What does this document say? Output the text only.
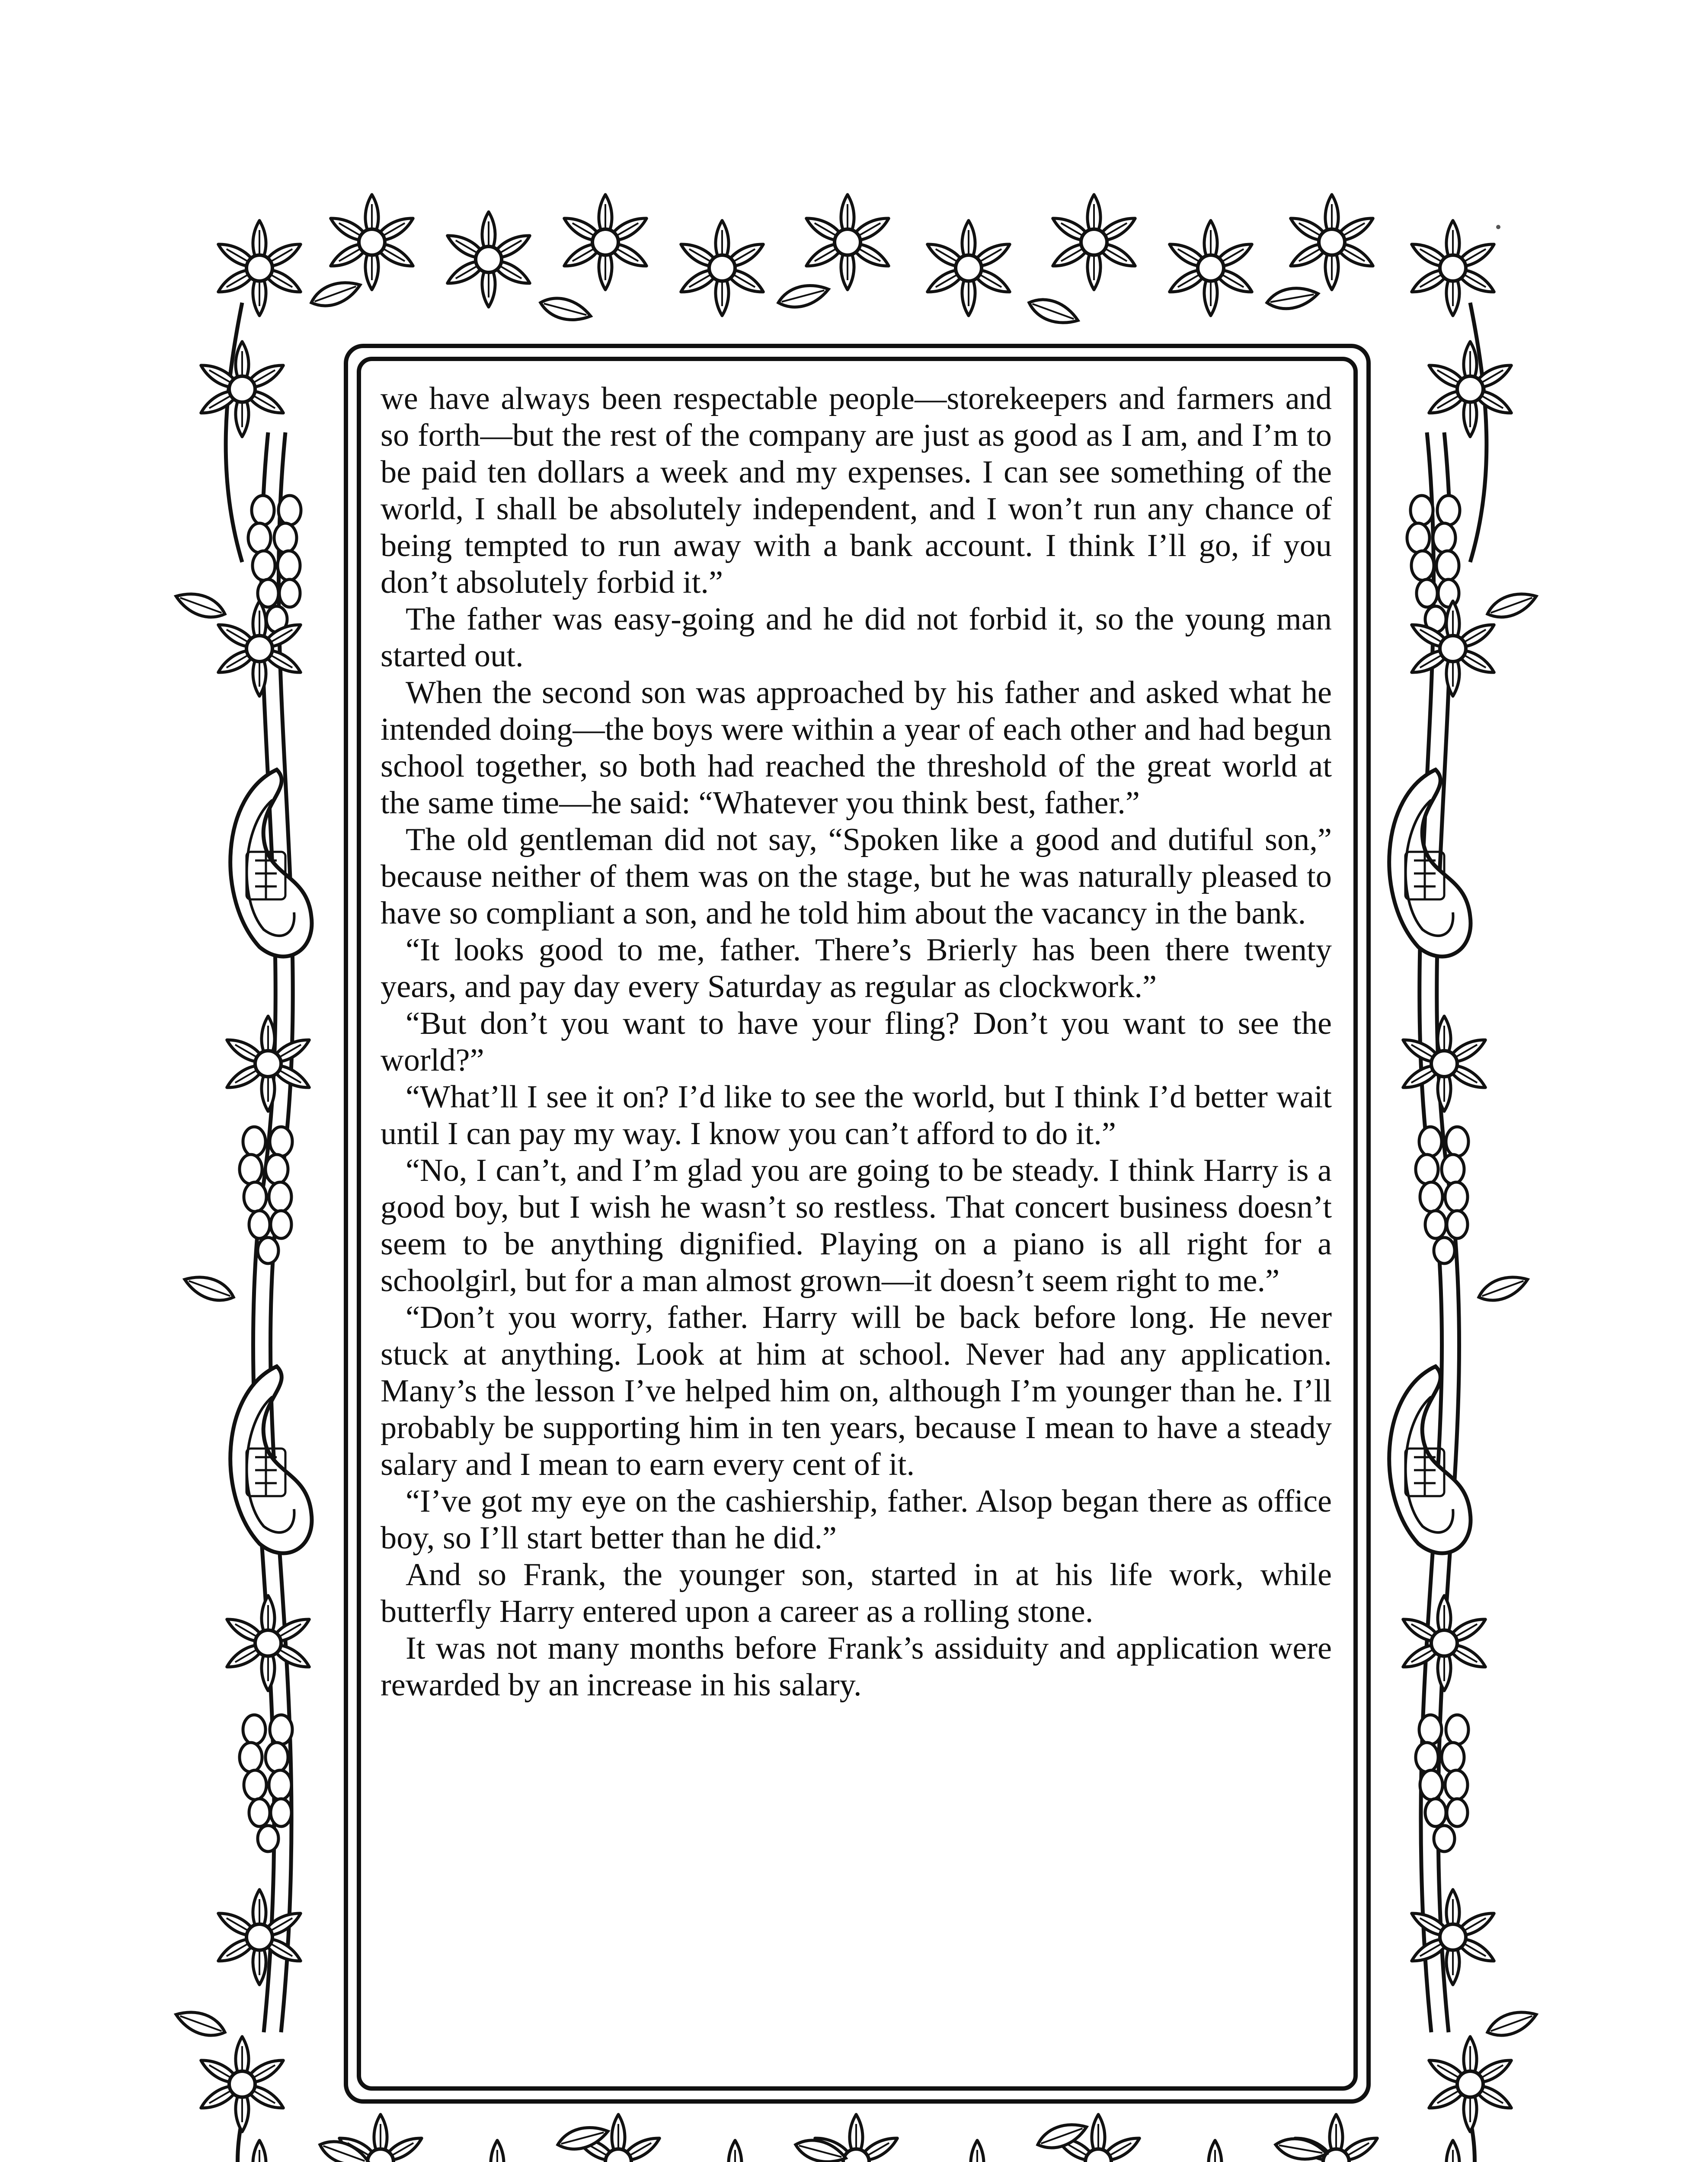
we have always been respectable people—storekeepers and farmers and so forth—but the rest of the company are just as good as I am, and I’m to be paid ten dollars a week and my expenses. I can see something of the world, I shall be absolutely independent, and I won’t run any chance of being tempted to run away with a bank account. I think I’ll go, if you don’t absolutely forbid it.”

The father was easy-going and he did not forbid it, so the young man started out.

When the second son was approached by his father and asked what he intended doing—the boys were within a year of each other and had begun school together, so both had reached the threshold of the great world at the same time—he said: “Whatever you think best, father.”

The old gentleman did not say, “Spoken like a good and dutiful son,” because neither of them was on the stage, but he was naturally pleased to have so compliant a son, and he told him about the vacancy in the bank.

“It looks good to me, father. There’s Brierly has been there twenty years, and pay day every Saturday as regular as clockwork.”

“But don’t you want to have your fling? Don’t you want to see the world?”

“What’ll I see it on? I’d like to see the world, but I think I’d better wait until I can pay my way. I know you can’t afford to do it.”

“No, I can’t, and I’m glad you are going to be steady. I think Harry is a good boy, but I wish he wasn’t so restless. That concert business doesn’t seem to be anything dignified. Playing on a piano is all right for a schoolgirl, but for a man almost grown—it doesn’t seem right to me.”

“Don’t you worry, father. Harry will be back before long. He never stuck at anything. Look at him at school. Never had any application. Many’s the lesson I’ve helped him on, although I’m younger than he. I’ll probably be supporting him in ten years, because I mean to have a steady salary and I mean to earn every cent of it.

“I’ve got my eye on the cashiership, father. Alsop began there as office boy, so I’ll start better than he did.”

And so Frank, the younger son, started in at his life work, while butterfly Harry entered upon a career as a rolling stone.

It was not many months before Frank’s assiduity and application were rewarded by an increase in his salary.
